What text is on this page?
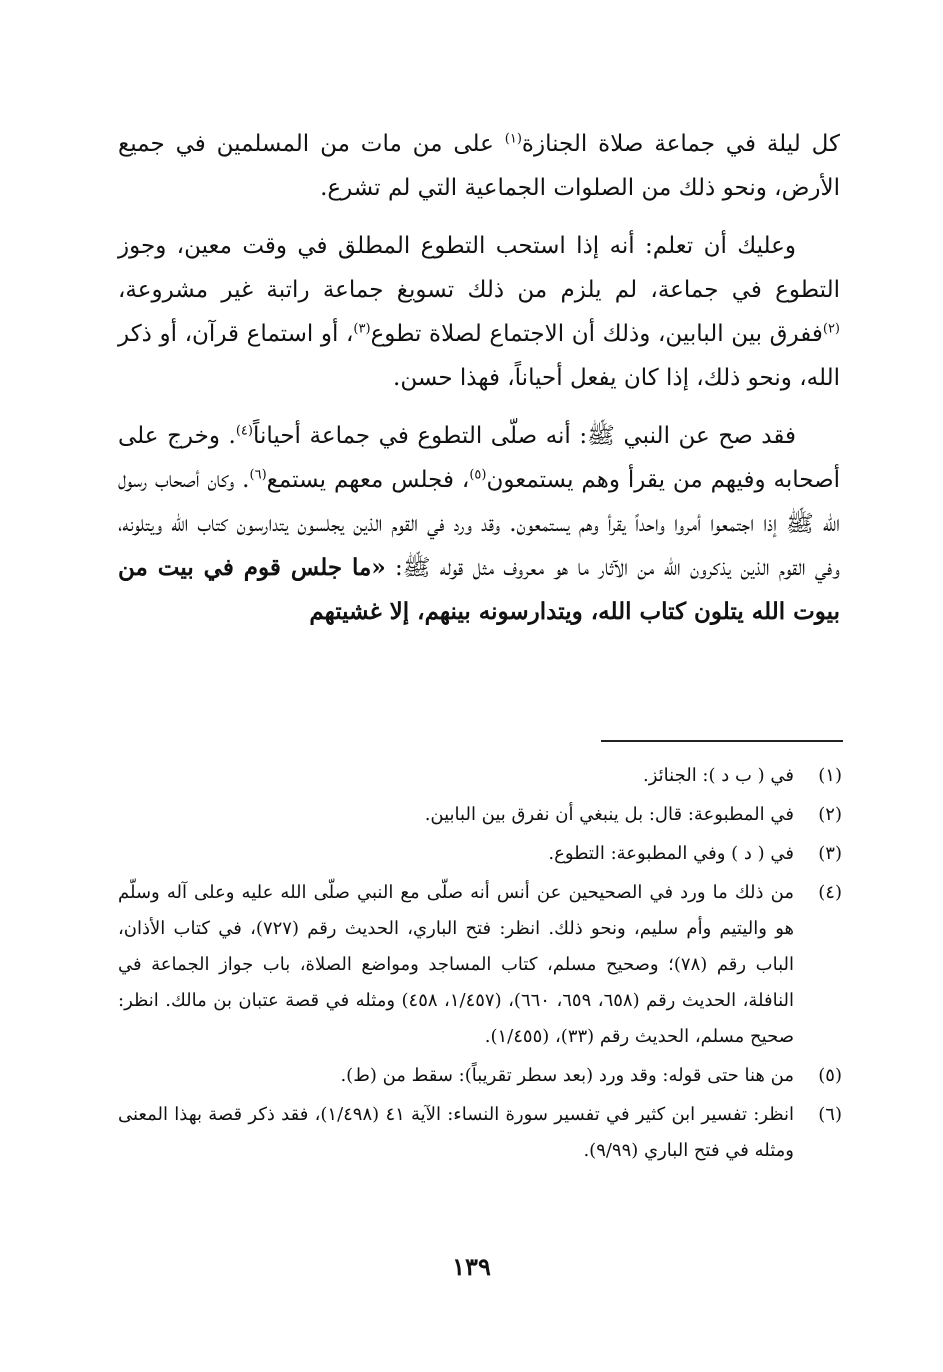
كل ليلة في جماعة صلاة الجنازة$^{(١)}$ على من مات من المسلمين في جميع الأرض، ونحو ذلك من الصلوات الجماعية التي لم تشرع.

وعليك أن تعلم: أنه إذا استحب التطوع المطلق في وقت معين، وجوز التطوع في جماعة، لم يلزم من ذلك تسويغ جماعة راتبة غير مشروعة، $^{(٢)}$ففرق بين البابين، وذلك أن الاجتماع لصلاة تطوع$^{(٣)}$، أو استماع قرآن، أو ذكر الله، ونحو ذلك، إذا كان يفعل أحياناً، فهذا حسن.

فقد صح عن النبي ﷺ: أنه صلّى التطوع في جماعة أحياناً$^{(٤)}$. وخرج على أصحابه وفيهم من يقرأ وهم يستمعون$^{(٥)}$، فجلس معهم يستمع$^{(٦)}$. وكان أصحاب رسول الله ﷺ إذا اجتمعوا أمروا واحداً يقرأ وهم يستمعون. وقد ورد في القوم الذين يجلسون يتدارسون كتاب الله ويتلونه، وفي القوم الذين يذكرون الله من الآثار ما هو معروف مثل قوله ﷺ: «ما جلس قوم في بيت من بيوت الله يتلون كتاب الله، ويتدارسونه بينهم، إلا غشيتهم

(١)
في ( ب د ): الجنائز.
(٢)
في المطبوعة: قال: بل ينبغي أن نفرق بين البابين.
(٣)
في ( د ) وفي المطبوعة: التطوع.
(٤)
من ذلك ما ورد في الصحيحين عن أنس أنه صلّى مع النبي صلّى الله عليه وعلى آله وسلّم هو واليتيم وأم سليم، ونحو ذلك. انظر: فتح الباري، الحديث رقم (٧٢٧)، في كتاب الأذان، الباب رقم (٧٨)؛ وصحيح مسلم، كتاب المساجد ومواضع الصلاة، باب جواز الجماعة في النافلة، الحديث رقم (٦٥٨، ٦٥٩، ٦٦٠)، (١/٤٥٧، ٤٥٨) ومثله في قصة عتبان بن مالك. انظر: صحيح مسلم، الحديث رقم (٣٣)، (١/٤٥٥).
(٥)
من هنا حتى قوله: وقد ورد (بعد سطر تقريباً): سقط من (ط).
(٦)
انظر: تفسير ابن كثير في تفسير سورة النساء: الآية ٤١ (١/٤٩٨)، فقد ذكر قصة بهذا المعنى ومثله في فتح الباري (٩/٩٩).
١٣٩
